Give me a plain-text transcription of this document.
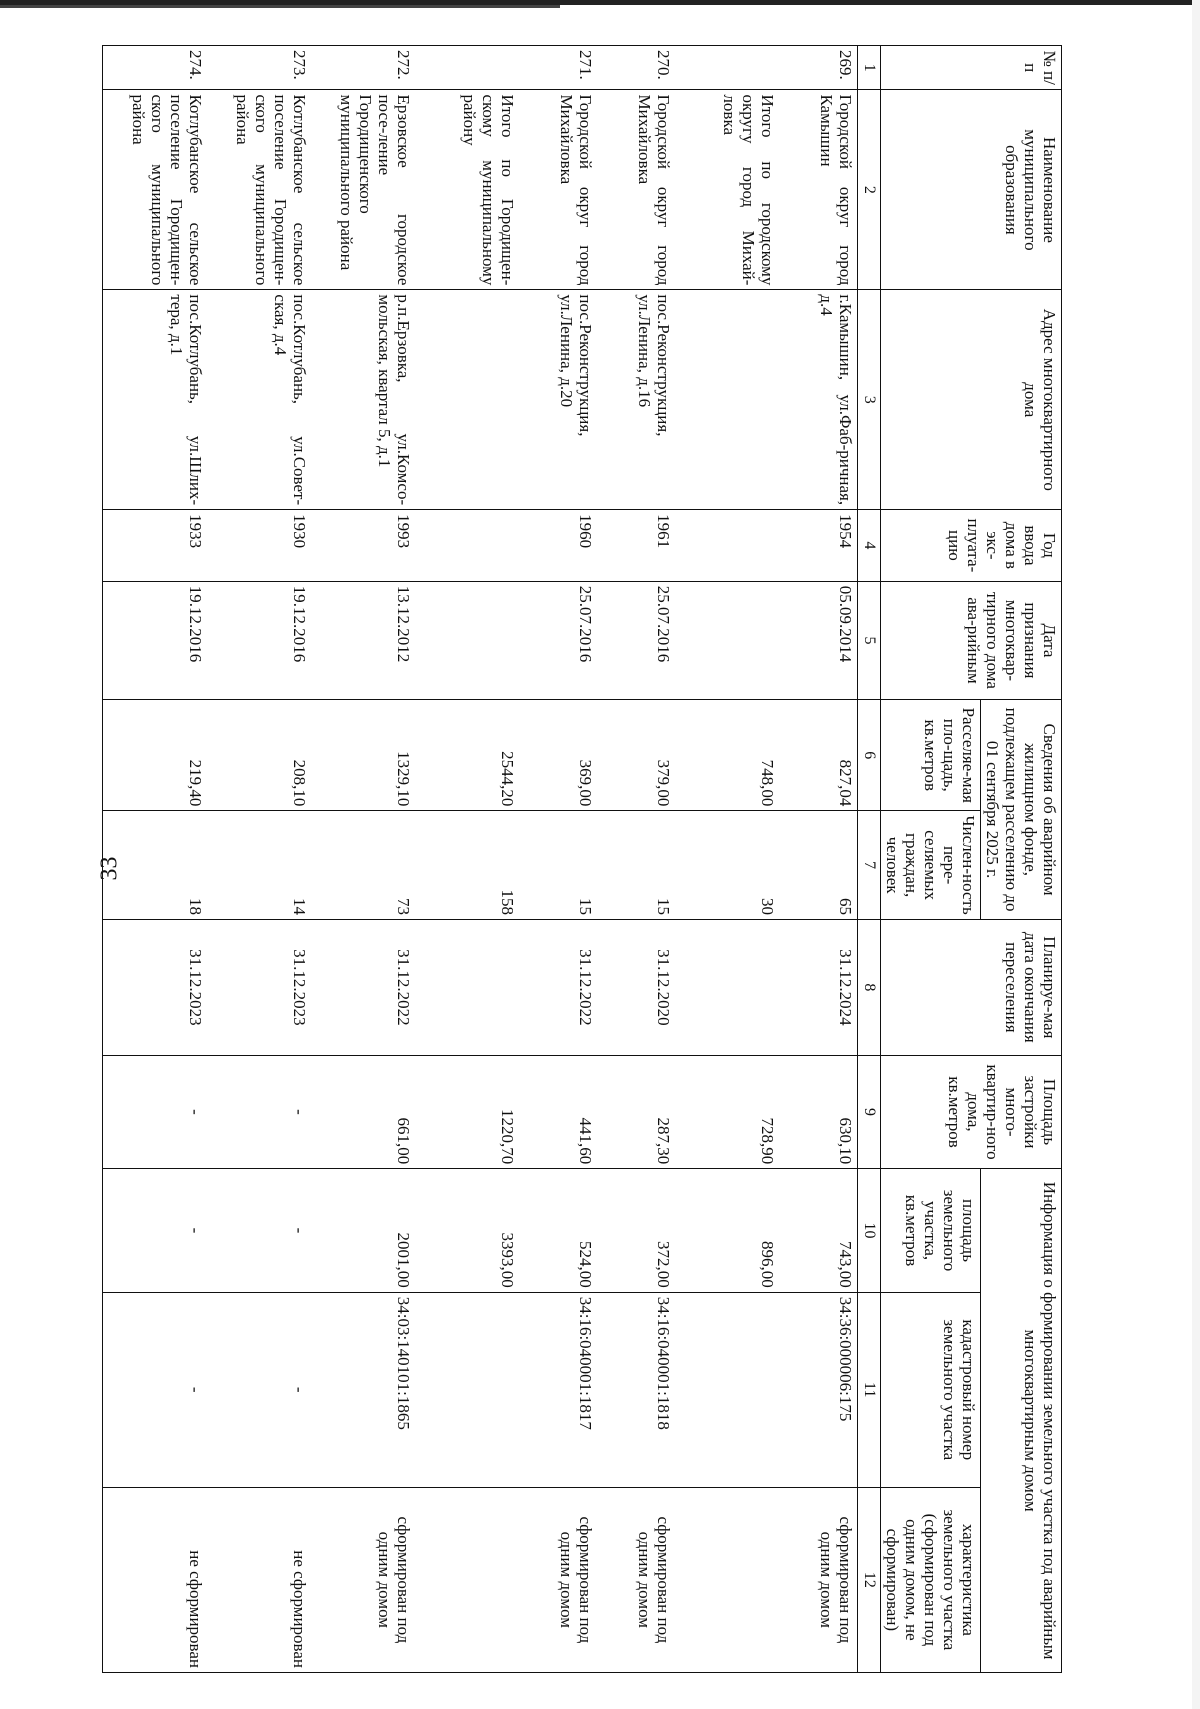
33
№ п/п	Наименование муниципального образования	Адрес многоквартирного дома	Год ввода дома в экс-плуата-цию	Дата признания многоквар-тирного дома ава-рийным	Сведения об аварийном жилищном фонде, подлежащем расселению до 01 сентября 2025 г.		Планируе-мая дата окончания переселения	Площадь застройки много-квартир-ного дома, кв.метров	Информация о формировании земельного участка под аварийным многоквартирным домом		
					Расселяе-мая пло-щадь, кв.метров	Числен-ность пере-селяемых граждан, человек			площадь земельного участка, кв.метров	кадастровый номер земельного участка	характеристика земельного участка (сформирован под одним домом, не сформирован)
1	2	3	4	5	6	7	8	9	10	11	12
269.	Городской округ город Камышин	г.Камышин, ул.Фаб-ричная, д.4	1954	05.09.2014	827,04	65	31.12.2024	630,10	743,00	34:36:000006:175	сформирован под одним домом
	Итого по городскому округу город Михай-ловка				748,00	30		728,90	896,00		
270.	Городской округ город Михайловка	пос.Реконструкция, ул.Ленина, д.16	1961	25.07.2016	379,00	15	31.12.2020	287,30	372,00	34:16:040001:1818	сформирован под одним домом
271.	Городской округ город Михайловка	пос.Реконструкция, ул.Ленина, д.20	1960	25.07.2016	369,00	15	31.12.2022	441,60	524,00	34:16:040001:1817	сформирован под одним домом
	Итого по Городищен-скому муниципальному району				2544,20	158		1220,70	3393,00		
272.	Ерзовское городское посе-ление Городищенского муниципального района	р.п.Ерзовка, ул.Комсо-мольская, квартал 5, д.1	1993	13.12.2012	1329,10	73	31.12.2022	661,00	2001,00	34:03:140101:1865	сформирован под одним домом
273.	Котлубанское сельское поселение Городищен-ского муниципального района	пос.Котлубань, ул.Совет-ская, д.4	1930	19.12.2016	208,10	14	31.12.2023	-	-	-	не сформирован
274.	Котлубанское сельское поселение Городищен-ского муниципального района	пос.Котлубань, ул.Шлих-тера, д.1	1933	19.12.2016	219,40	18	31.12.2023	-	-	-	не сформирован
